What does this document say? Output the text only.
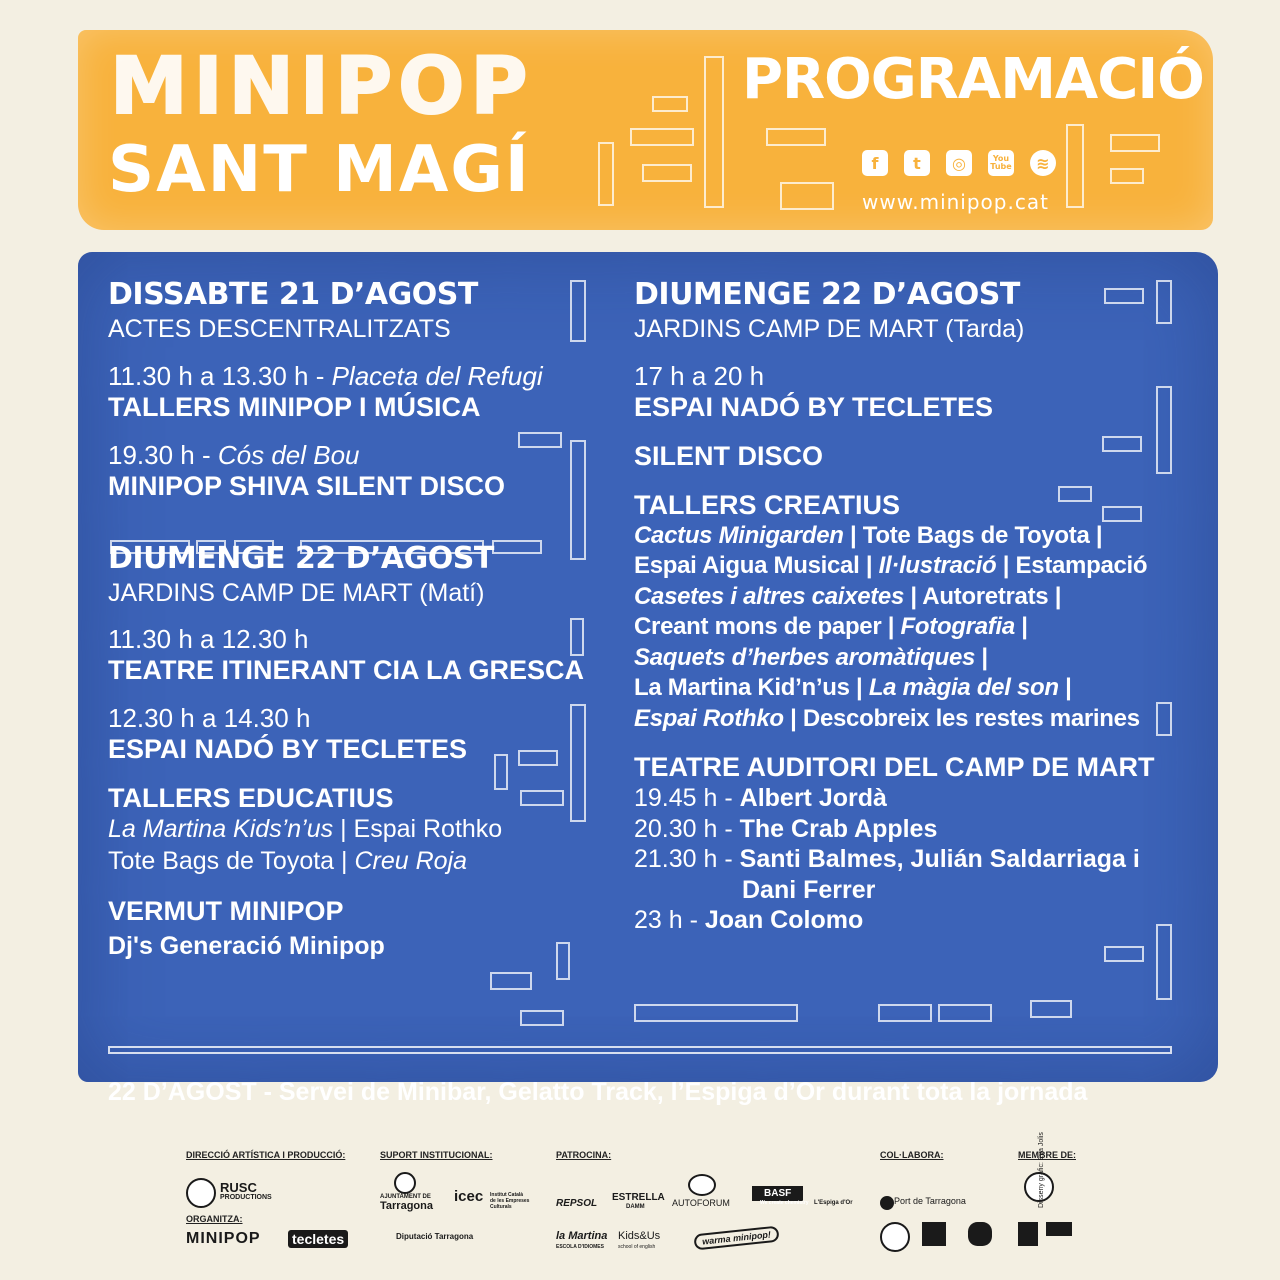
MINIPOP
SANT MAGÍ
PROGRAMACIÓ
f	t	◎	You Tube	≋
www.minipop.cat
DISSABTE 21 D’AGOST
ACTES DESCENTRALITZATS
11.30 h a 13.30 h - Placeta del Refugi
TALLERS MINIPOP I MÚSICA
19.30 h - Cós del Bou
MINIPOP SHIVA SILENT DISCO
DIUMENGE 22 D’AGOST
JARDINS CAMP DE MART (Matí)
11.30 h a 12.30 h
TEATRE ITINERANT CIA LA GRESCA
12.30 h a 14.30 h
ESPAI NADÓ BY TECLETES
TALLERS EDUCATIUS
La Martina Kids’n’us | Espai Rothko
Tote Bags de Toyota | Creu Roja
VERMUT MINIPOP
Dj's Generació Minipop
DIUMENGE 22 D’AGOST
JARDINS CAMP DE MART (Tarda)
17 h a 20 h
ESPAI NADÓ BY TECLETES
SILENT DISCO
TALLERS CREATIUS
Cactus Minigarden | Tote Bags de Toyota |
Espai Aigua Musical | Il·lustració | Estampació
Casetes i altres caixetes | Autoretrats |
Creant mons de paper | Fotografia |
Saquets d’herbes aromàtiques |
La Martina Kid’n’us | La màgia del son |
Espai Rothko | Descobreix les restes marines
TEATRE AUDITORI DEL CAMP DE MART
19.45 h - Albert Jordà
20.30 h - The Crab Apples
21.30 h - Santi Balmes, Julián Saldarriaga i
Dani Ferrer
23 h - Joan Colomo
22 D’AGOST - Servei de Minibar, Gelatto Track, l’Espiga d’Or durant tota la jornada
DIRECCIÓ ARTÍSTICA I PRODUCCIÓ:	SUPORT INSTITUCIONAL:	PATROCINA:	COL·LABORA:	MEMBRE DE:
ORGANITZA:
RUSC
PRODUCTIONS
MINIPOP tecletes
AJUNTAMENT DE
Tarragona
icec Institut Català de les Empreses Culturals
Diputació Tarragona
REPSOL
ESTRELLA
DAMM	AUTOFORUM
BASF
We create chemistry L'Espiga d'Or
la Martina
ESCOLA D'IDIOMES
Kids&Us
school of english
warma minipop!
Port de Tarragona	Disseny gràfic: Eva Jolis
